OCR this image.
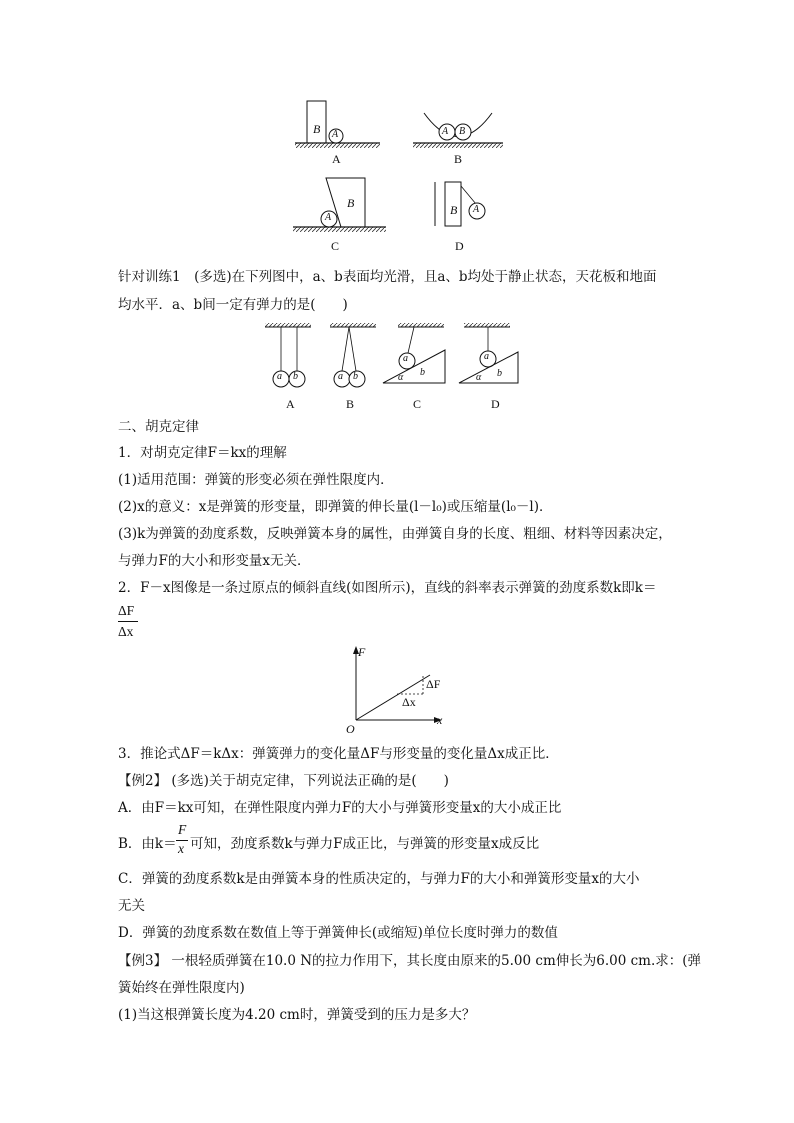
B A	A B
B
A
B A
A	B
C	D
针对训练1　(多选)在下列图中，a、b表面均光滑，且a、b均处于静止状态，天花板和地面
均水平．a、b间一定有弹力的是(　　)
a b	a b
a
b
α
a
b
α
A	B	C	D
二、胡克定律
1．对胡克定律F＝kx的理解
(1)适用范围：弹簧的形变必须在弹性限度内．
(2)x的意义：x是弹簧的形变量，即弹簧的伸长量(l－l₀)或压缩量(l₀－l)．
(3)k为弹簧的劲度系数，反映弹簧本身的属性，由弹簧自身的长度、粗细、材料等因素决定，
与弹力F的大小和形变量x无关．
2．F－x图像是一条过原点的倾斜直线(如图所示)，直线的斜率表示弹簧的劲度系数k即k＝
ΔF
Δx
F
x
O
ΔF
Δx
3．推论式ΔF＝kΔx：弹簧弹力的变化量ΔF与形变量的变化量Δx成正比．
【例2】 (多选)关于胡克定律，下列说法正确的是(　　)
A．由F＝kx可知，在弹性限度内弹力F的大小与弹簧形变量x的大小成正比
B．由k＝
F
x 可知，劲度系数k与弹力F成正比，与弹簧的形变量x成反比
C．弹簧的劲度系数k是由弹簧本身的性质决定的，与弹力F的大小和弹簧形变量x的大小
无关
D．弹簧的劲度系数在数值上等于弹簧伸长(或缩短)单位长度时弹力的数值
【例3】 一根轻质弹簧在10.0 N的拉力作用下，其长度由原来的5.00 cm伸长为6.00 cm.求：(弹
簧始终在弹性限度内)
(1)当这根弹簧长度为4.20 cm时，弹簧受到的压力是多大？
